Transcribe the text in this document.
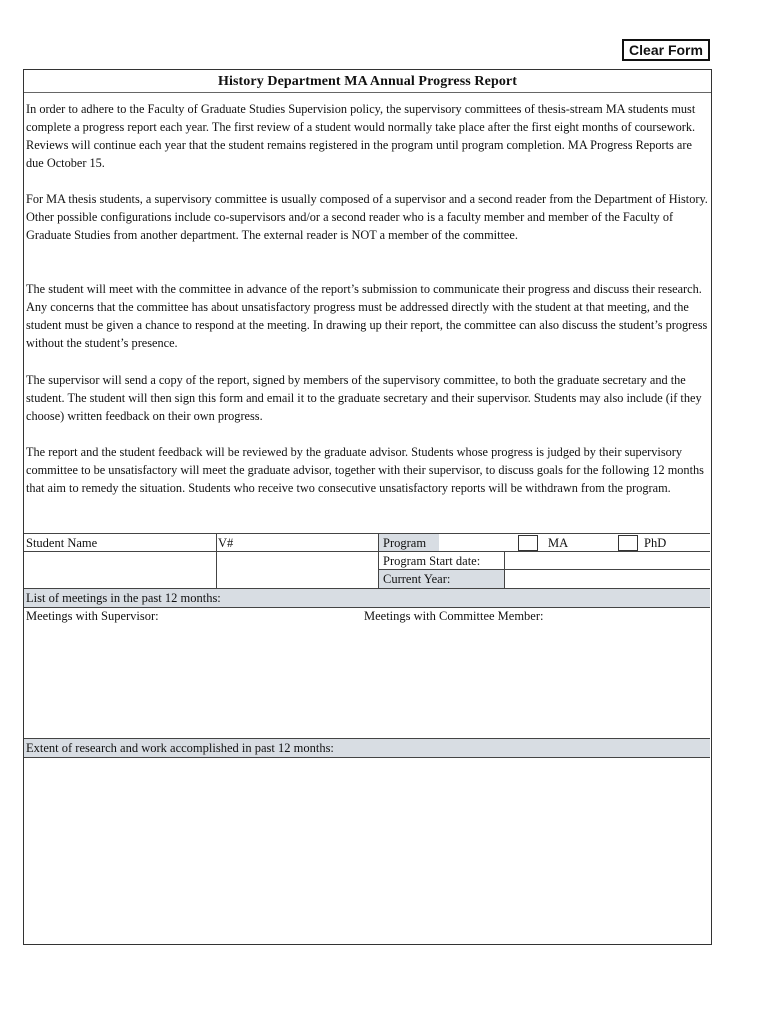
Clear Form
History Department MA Annual Progress Report

In order to adhere to the Faculty of Graduate Studies Supervision policy, the supervisory committees of thesis-stream MA students must complete a progress report each year. The first review of a student would normally take place after the first eight months of coursework. Reviews will continue each year that the student remains registered in the program until program completion. MA Progress Reports are due October 15.

For MA thesis students, a supervisory committee is usually composed of a supervisor and a second reader from the Department of History. Other possible configurations include co-supervisors and/or a second reader who is a faculty member and member of the Faculty of Graduate Studies from another department. The external reader is NOT a member of the committee.

The student will meet with the committee in advance of the report’s submission to communicate their progress and discuss their research. Any concerns that the committee has about unsatisfactory progress must be addressed directly with the student at that meeting, and the student must be given a chance to respond at the meeting. In drawing up their report, the committee can also discuss the student’s progress without the student’s presence.

The supervisor will send a copy of the report, signed by members of the supervisory committee, to both the graduate secretary and the student. The student will then sign this form and email it to the graduate secretary and their supervisor. Students may also include (if they choose) written feedback on their own progress.

The report and the student feedback will be reviewed by the graduate advisor. Students whose progress is judged by their supervisory committee to be unsatisfactory will meet the graduate advisor, together with their supervisor, to discuss goals for the following 12 months that aim to remedy the situation. Students who receive two consecutive unsatisfactory reports will be withdrawn from the program.

Student Name	V#	Program	MA	PhD
Program Start date:
Current Year:
List of meetings in the past 12 months:
Meetings with Supervisor:	Meetings with Committee Member:
Extent of research and work accomplished in past 12 months:
